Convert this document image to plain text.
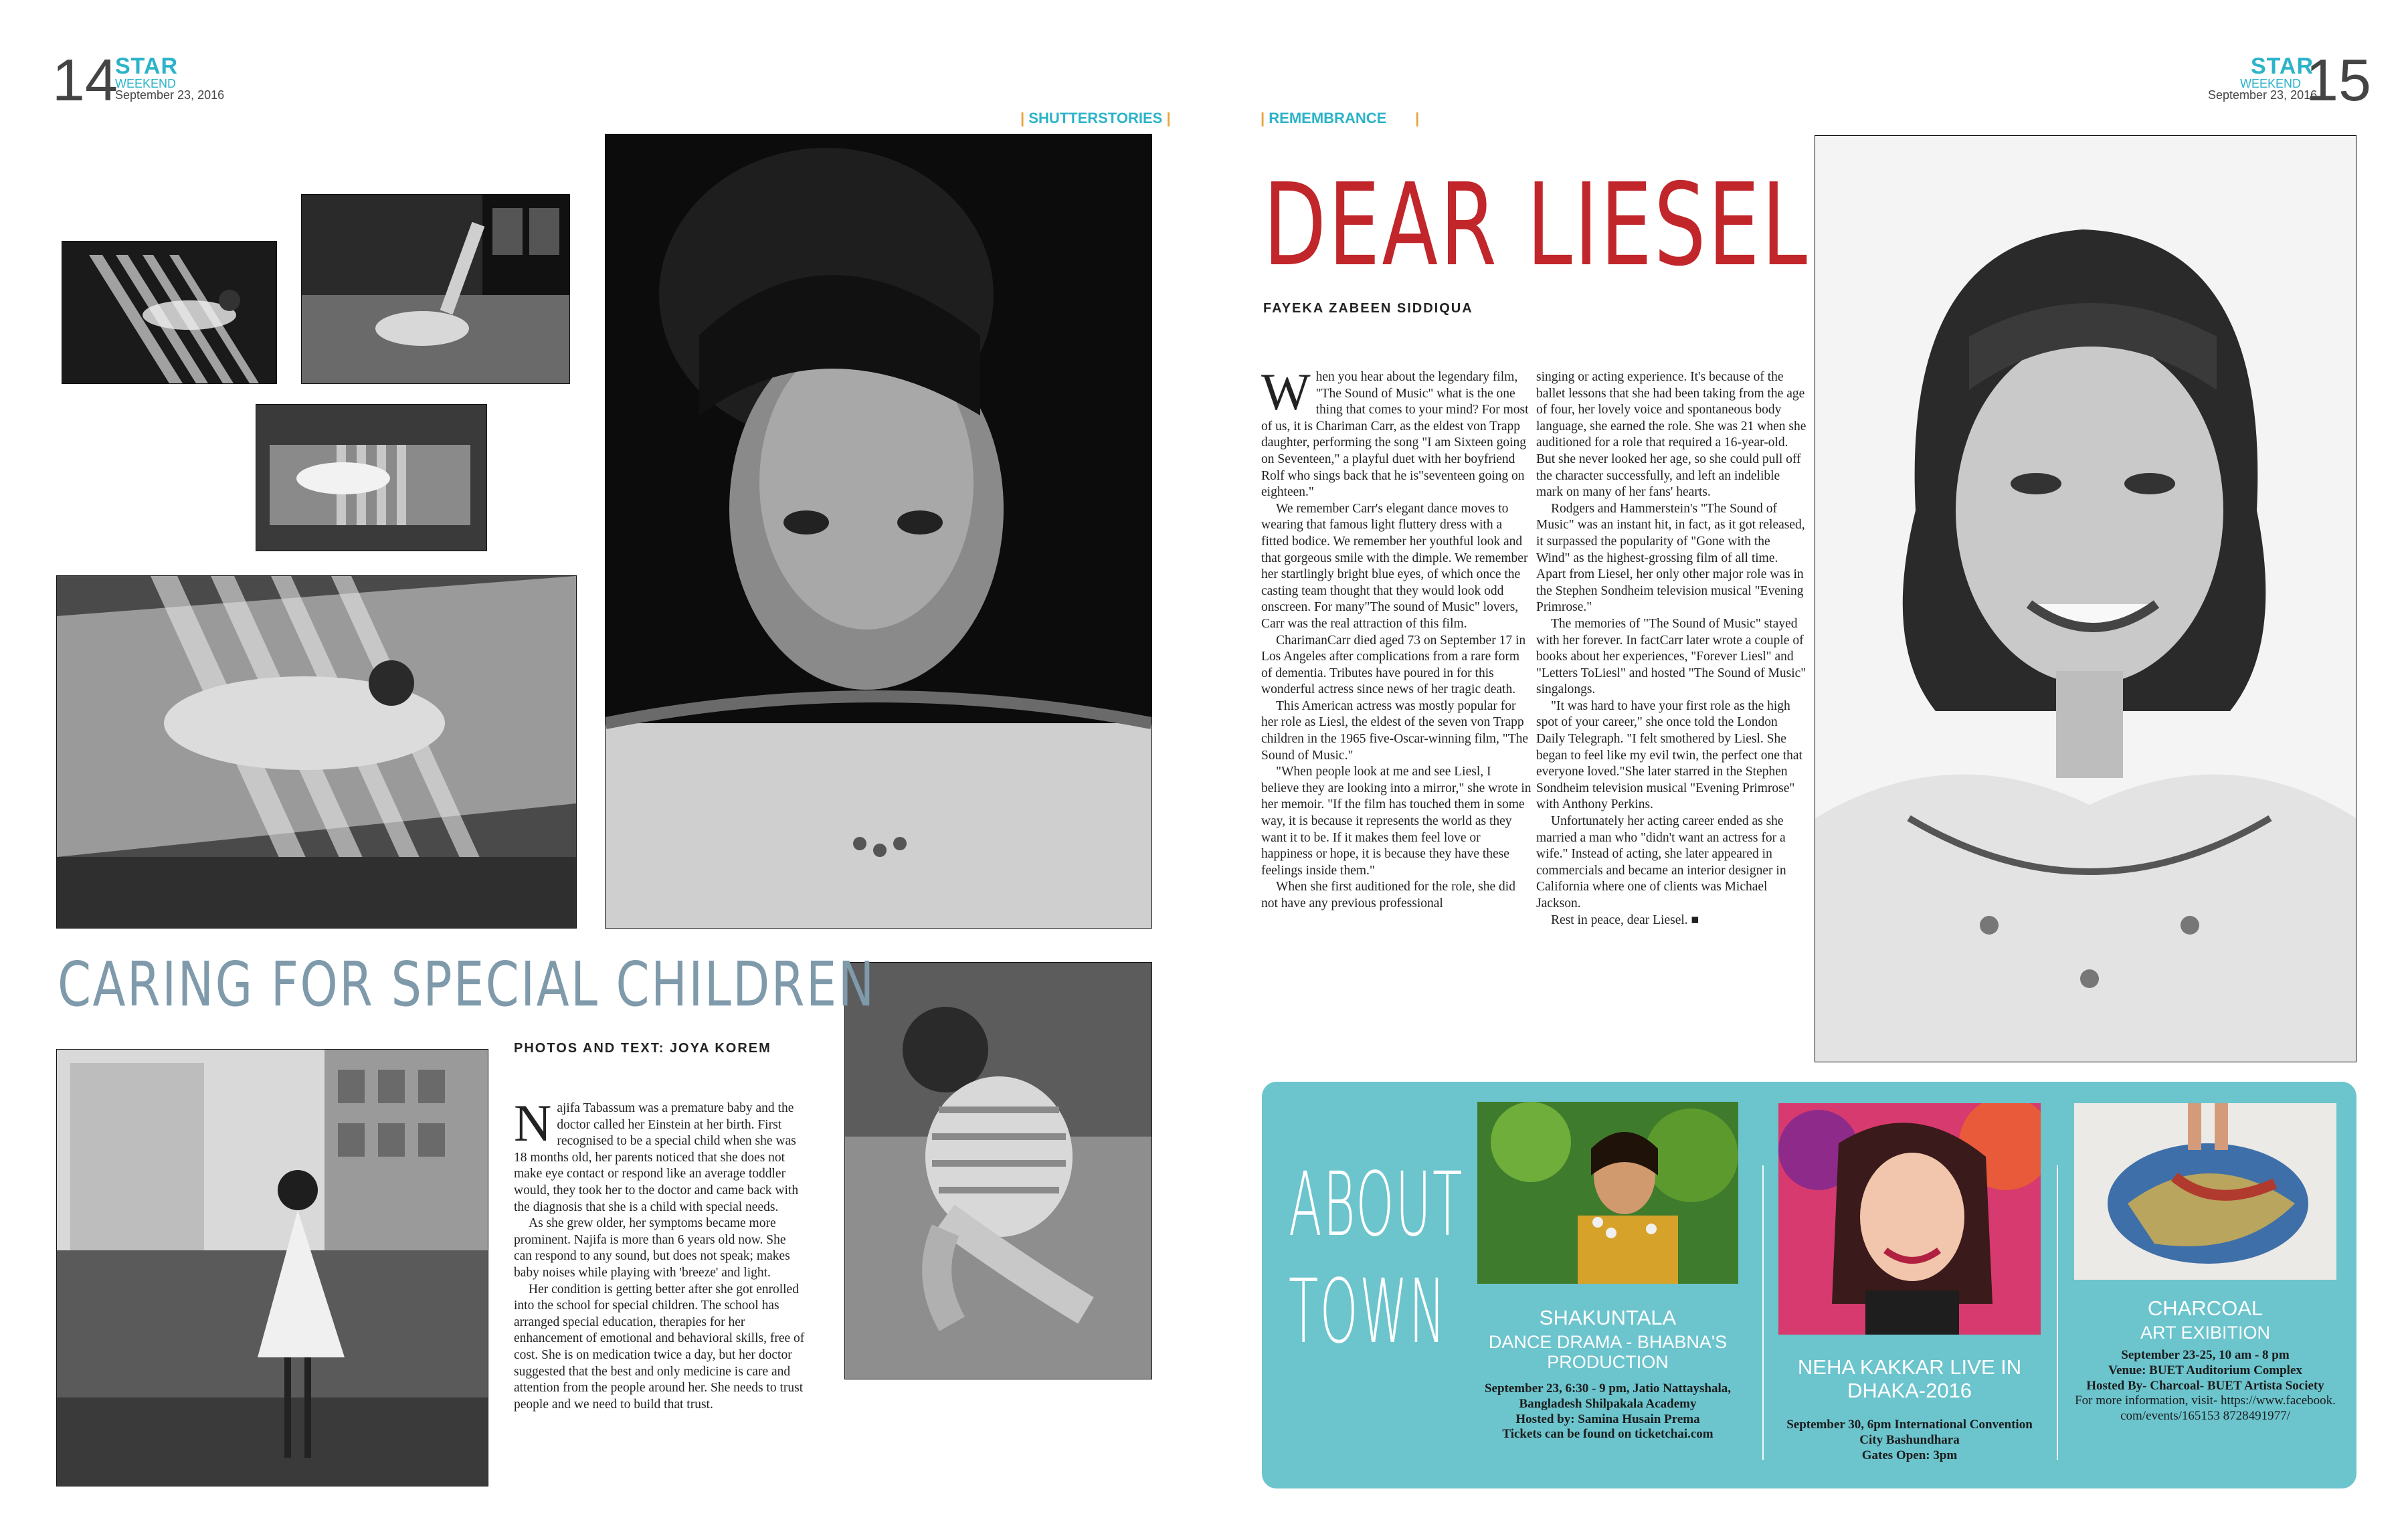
14
STAR
WEEKEND
September 23, 2016
| SHUTTERSTORIES |
CARING FOR SPECIAL CHILDREN
PHOTOS AND TEXT: JOYA KOREM

Najifa Tabassum was a premature baby and the doctor called her Einstein at her birth. First recognised to be a special child when she was 18 months old, her parents noticed that she does not make eye contact or respond like an average toddler would, they took her to the doctor and came back with the diagnosis that she is a child with special needs.

As she grew older, her symptoms became more prominent. Najifa is more than 6 years old now. She can respond to any sound, but does not speak; makes baby noises while playing with 'breeze' and light.

Her condition is getting better after she got enrolled into the school for special children. The school has arranged special education, therapies for her enhancement of emotional and behavioral skills, free of cost. She is on medication twice a day, but her doctor suggested that the best and only medicine is care and attention from the people around her. She needs to trust people and we need to build that trust.

STAR
WEEKEND
September 23, 2016
15
| REMEMBRANCE       |
DEAR LIESEL
FAYEKA ZABEEN SIDDIQUA

When you hear about the legendary film, "The Sound of Music" what is the one thing that comes to your mind? For most of us, it is Chariman Carr, as the eldest von Trapp daughter, performing the song "I am Sixteen going on Seventeen," a playful duet with her boyfriend Rolf who sings back that he is"seventeen going on eighteen."

We remember Carr's elegant dance moves to wearing that famous light fluttery dress with a fitted bodice. We remember her youthful look and that gorgeous smile with the dimple. We remember her startlingly bright blue eyes, of which once the casting team thought that they would look odd onscreen. For many"The sound of Music" lovers, Carr was the real attraction of this film.

CharimanCarr died aged 73 on September 17 in Los Angeles after complications from a rare form of dementia. Tributes have poured in for this wonderful actress since news of her tragic death.

This American actress was mostly popular for her role as Liesl, the eldest of the seven von Trapp children in the 1965 five-Oscar-winning film, "The Sound of Music."

"When people look at me and see Liesl, I believe they are looking into a mirror," she wrote in her memoir. "If the film has touched them in some way, it is because it represents the world as they want it to be. If it makes them feel love or happiness or hope, it is because they have these feelings inside them."

When she first auditioned for the role, she did not have any previous professional

singing or acting experience. It's because of the ballet lessons that she had been taking from the age of four, her lovely voice and spontaneous body language, she earned the role. She was 21 when she auditioned for a role that required a 16-year-old. But she never looked her age, so she could pull off the character successfully, and left an indelible mark on many of her fans' hearts.

Rodgers and Hammerstein's "The Sound of Music" was an instant hit, in fact, as it got released, it surpassed the popularity of "Gone with the Wind" as the highest-grossing film of all time. Apart from Liesel, her only other major role was in the Stephen Sondheim television musical "Evening Primrose."

The memories of "The Sound of Music" stayed with her forever. In factCarr later wrote a couple of books about her experiences, "Forever Liesl" and "Letters ToLiesl" and hosted "The Sound of Music" singalongs.

"It was hard to have your first role as the high spot of your career," she once told the London Daily Telegraph. "I felt smothered by Liesl. She began to feel like my evil twin, the perfect one that everyone loved."She later starred in the Stephen Sondheim television musical "Evening Primrose" with Anthony Perkins.

Unfortunately her acting career ended as she married a man who "didn't want an actress for a wife." Instead of acting, she later appeared in commercials and became an interior designer in California where one of clients was Michael Jackson.

Rest in peace, dear Liesel. ■

ABOUT
TOWN	SHAKUNTALA
DANCE DRAMA - BHABNA'S PRODUCTION
September 23, 6:30 - 9 pm, Jatio Nattayshala, Bangladesh Shilpakala Academy
Hosted by: Samina Husain Prema
Tickets can be found on ticketchai.com
NEHA KAKKAR LIVE IN DHAKA-2016
September 30, 6pm International Convention City Bashundhara
Gates Open: 3pm
CHARCOAL
ART EXIBITION
September 23-25, 10 am - 8 pm
Venue: BUET Auditorium Complex
Hosted By- Charcoal- BUET Artista Society
For more information, visit- https://www.facebook.com/events/165153 8728491977/
